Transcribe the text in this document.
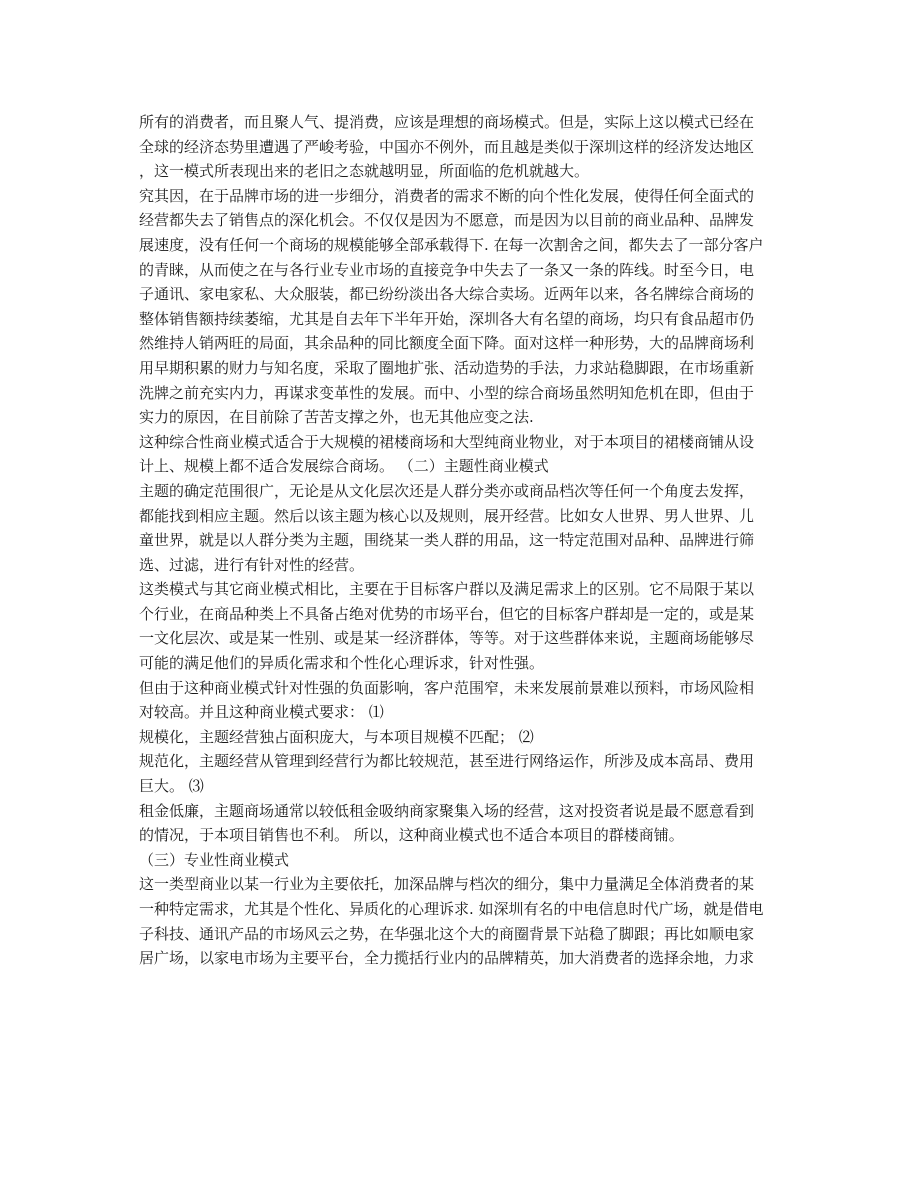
所有的消费者，而且聚人气、提消费，应该是理想的商场模式。但是，实际上这以模式已经在
全球的经济态势里遭遇了严峻考验，中国亦不例外，而且越是类似于深圳这样的经济发达地区
，这一模式所表现出来的老旧之态就越明显，所面临的危机就越大。
究其因，在于品牌市场的进一步细分，消费者的需求不断的向个性化发展，使得任何全面式的
经营都失去了销售点的深化机会。不仅仅是因为不愿意，而是因为以目前的商业品种、品牌发
展速度，没有任何一个商场的规模能够全部承载得下. 在每一次割舍之间，都失去了一部分客户
的青睐，从而使之在与各行业专业市场的直接竞争中失去了一条又一条的阵线。时至今日，电
子通讯、家电家私、大众服装，都已纷纷淡出各大综合卖场。近两年以来，各名牌综合商场的
整体销售额持续萎缩，尤其是自去年下半年开始，深圳各大有名望的商场，均只有食品超市仍
然维持人销两旺的局面，其余品种的同比额度全面下降。面对这样一种形势，大的品牌商场利
用早期积累的财力与知名度，采取了圈地扩张、活动造势的手法，力求站稳脚跟，在市场重新
洗牌之前充实内力，再谋求变革性的发展。而中、小型的综合商场虽然明知危机在即，但由于
实力的原因，在目前除了苦苦支撑之外，也无其他应变之法.
这种综合性商业模式适合于大规模的裙楼商场和大型纯商业物业，对于本项目的裙楼商铺从设
计上、规模上都不适合发展综合商场。 （二）主题性商业模式
主题的确定范围很广，无论是从文化层次还是人群分类亦或商品档次等任何一个角度去发挥，
都能找到相应主题。然后以该主题为核心以及规则，展开经营。比如女人世界、男人世界、儿
童世界，就是以人群分类为主题，围绕某一类人群的用品，这一特定范围对品种、品牌进行筛
选、过滤，进行有针对性的经营。
这类模式与其它商业模式相比，主要在于目标客户群以及满足需求上的区别。它不局限于某以
个行业，在商品种类上不具备占绝对优势的市场平台，但它的目标客户群却是一定的，或是某
一文化层次、或是某一性别、或是某一经济群体，等等。对于这些群体来说，主题商场能够尽
可能的满足他们的异质化需求和个性化心理诉求，针对性强。
但由于这种商业模式针对性强的负面影响，客户范围窄，未来发展前景难以预料，市场风险相
对较高。并且这种商业模式要求： ⑴
规模化，主题经营独占面积庞大，与本项目规模不匹配； ⑵
规范化，主题经营从管理到经营行为都比较规范，甚至进行网络运作，所涉及成本高昂、费用
巨大。 ⑶
租金低廉，主题商场通常以较低租金吸纳商家聚集入场的经营，这对投资者说是最不愿意看到
的情况，于本项目销售也不利。 所以，这种商业模式也不适合本项目的群楼商铺。
（三）专业性商业模式
这一类型商业以某一行业为主要依托，加深品牌与档次的细分，集中力量满足全体消费者的某
一种特定需求，尤其是个性化、异质化的心理诉求. 如深圳有名的中电信息时代广场，就是借电
子科技、通讯产品的市场风云之势，在华强北这个大的商圈背景下站稳了脚跟；再比如顺电家
居广场，以家电市场为主要平台，全力揽括行业内的品牌精英，加大消费者的选择余地，力求
